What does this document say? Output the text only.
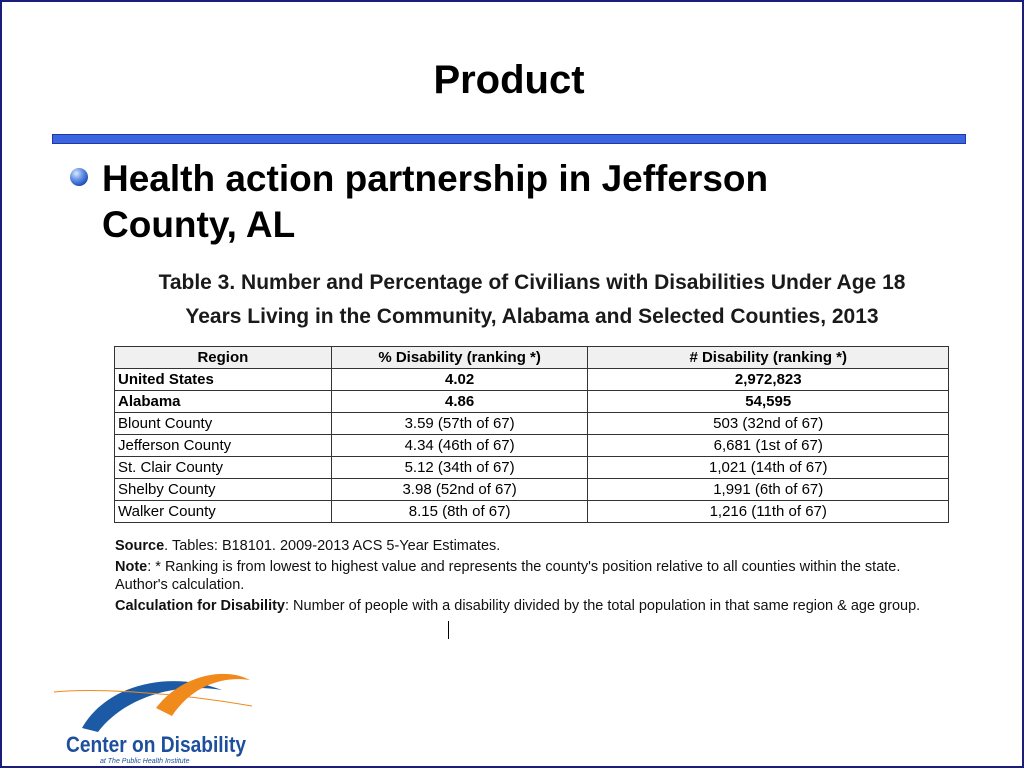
Product
Health action partnership in Jefferson County, AL
Table 3. Number and Percentage of Civilians with Disabilities Under Age 18
Years Living in the Community, Alabama and Selected Counties, 2013
Region	% Disability (ranking *)	# Disability (ranking *)
United States	4.02	2,972,823
Alabama	4.86	54,595
Blount County	3.59 (57th of 67)	503 (32nd of 67)
Jefferson County	4.34 (46th of 67)	6,681 (1st of 67)
St. Clair County	5.12 (34th of 67)	1,021 (14th of 67)
Shelby County	3.98 (52nd of 67)	1,991 (6th of 67)
Walker County	8.15 (8th of 67)	1,216 (11th of 67)

Source. Tables: B18101. 2009-2013 ACS 5-Year Estimates.

Note: * Ranking is from lowest to highest value and represents the county's position relative to all counties within the state. Author's calculation.

Calculation for Disability: Number of people with a disability divided by the total population in that same region & age group.

Center on Disability
at The Public Health Institute
